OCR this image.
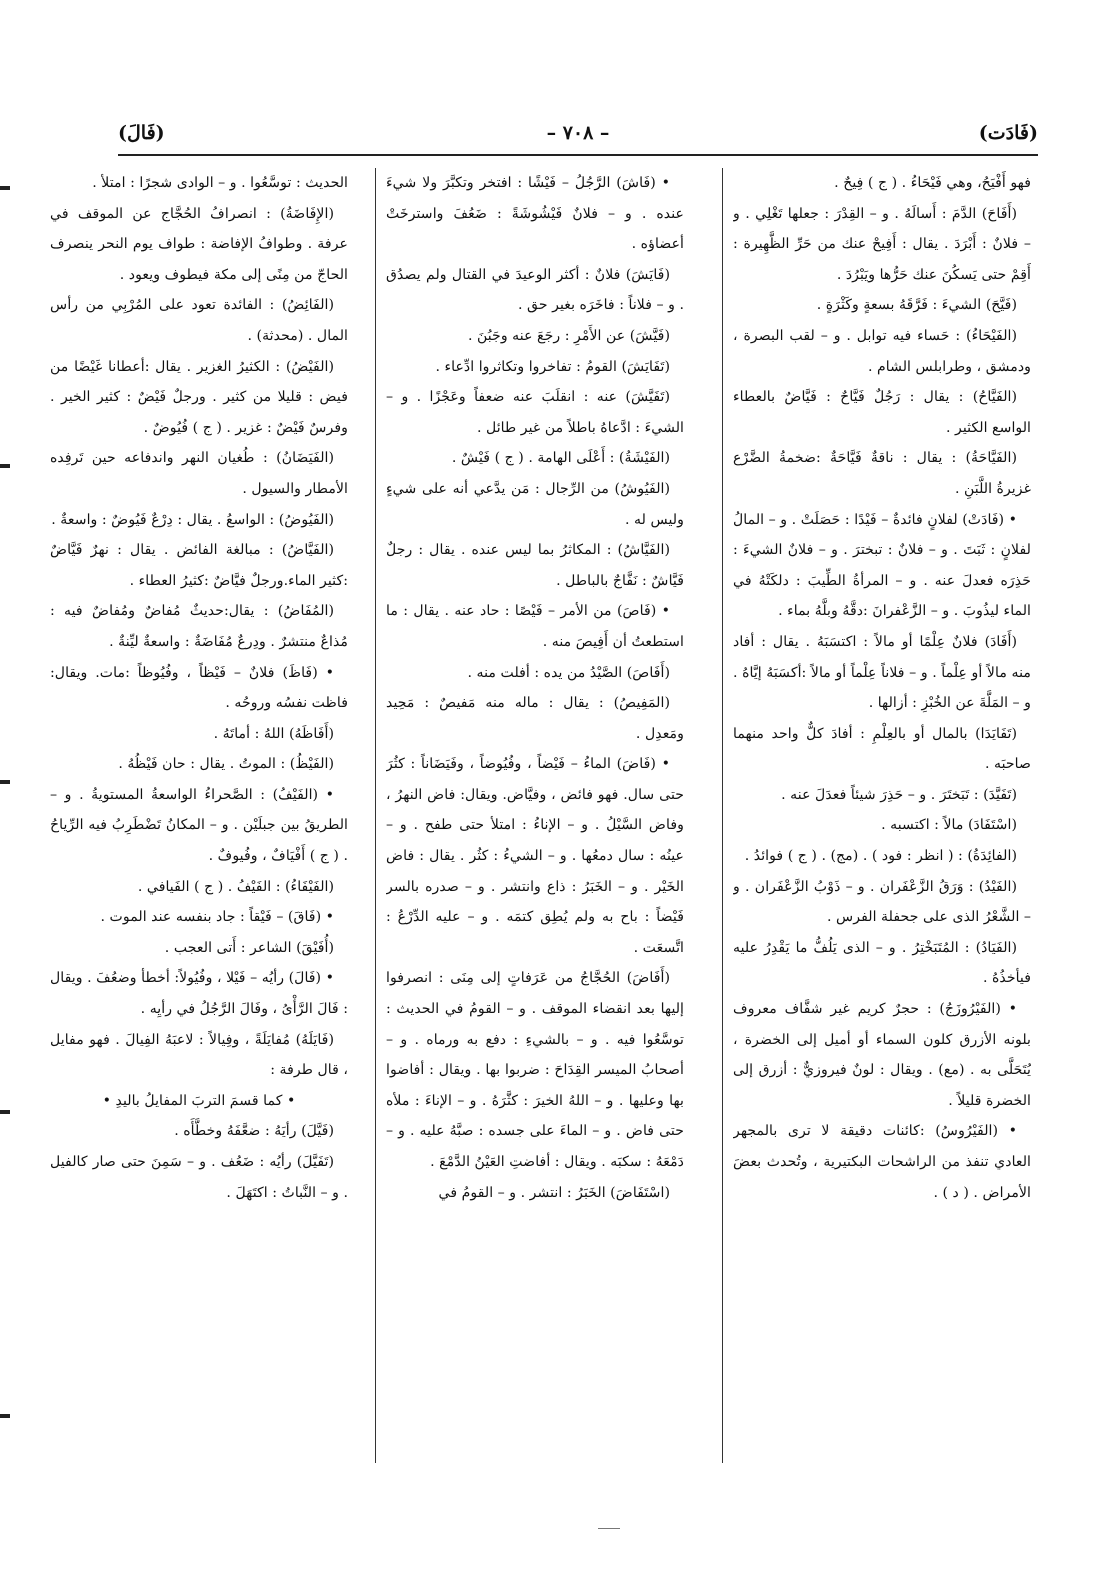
(فَادَت)
– ٧٠٨ –
(فَالَ)

فهو أَفْيَحُ، وهي فَيْحَاءُ . ( ج ) فِيحٌ .

(أَفَاحَ) الدَّمَ : أَسالَهُ . و – القِدْرَ : جعلها تَغْلِي . و – فلانٌ : أَبْرَدَ . يقال : أَفِيحْ عنك من حَرِّ الظَّهِيرة : أَقِمْ حتى يَسكُنَ عنك حَرُّها ويَبْرُدَ .

(فَيَّحَ) الشيءَ : فَرَّقَهُ بسعةٍ وكَثْرَةٍ .

(الفَيْحَاءُ) : حَساء فيه توابل . و – لقب البصرة ، ودمشق ، وطرابلس الشام .

(الفَيَّاحُ) : يقال : رَجُلٌ فَيَّاحٌ : فَيَّاضٌ بالعطاء الواسع الكثير .

(الفَيَّاحَةُ) : يقال : ناقةٌ فَيَّاحَةٌ :ضخمةُ الضَّرْع غزيرةُ اللَّبَنِ .

• (فَادَتْ) لفلانٍ فائدةٌ – فَيْدًا : حَصَلَتْ . و – المالُ لفلانٍ : ثَبَتَ . و – فلانٌ : تبخترَ . و – فلانٌ الشيءَ : حَذِرَه فعدلَ عنه . و – المرأةُ الطِّيبَ : دلكَتْهُ في الماء ليذُوبَ . و – الزَّعْفرانَ :دقَّهُ وبلَّهُ بماء .

(أَفَادَ) فلانٌ عِلْمًا أو مالاً : اكتسَبَهُ . يقال : أفاد منه مالاً أو عِلْماً . و – فلاناً عِلْماً أو مالاً :أكسَبَهُ إيَّاهُ . و – المَلَّةَ عن الخُبْزِ : أزالها .

(تَفَايَدَا) بالمال أو بالعِلْمِ : أفادَ كلٌّ واحد منهما صاحبَه .

(تَفَيَّدَ) : تَبَختَرَ . و – حَذِرَ شيئاً فعدَلَ عنه .

(اسْتَفَادَ) مالاً : اكتسبه .

(الفائِدَةُ) : ( انظر : فود ) . (مج) . ( ج ) فوائدُ .

(الفَيْدُ) : وَرَقُ الزَّعْفَران . و – ذَوْبُ الزَّعْفَران . و – الشَّعْرُ الذى على جحفلة الفرس .

(الفَيَادُ) : المُتَبَخْتِرُ . و – الذى يَلُفُّ ما يَقْدِرُ عليه فيأخذُهُ .

• (الفَيْرُوزَجُ) : حجرٌ كريم غير شفَّاف معروف بلونه الأزرق كلون السماء أو أميل إلى الخضرة ، يُتَحَلَّى به . (مع) . ويقال : لونٌ فيروزيٌّ : أزرق إلى الخضرة قليلاً .

• (الفَيْرُوسُ) :كائنات دقيقة لا ترى بالمجهر العادي تنفذ من الراشحات البكتيرية ، وتُحدث بعضَ الأمراض . ( د ) .

• (فَاشَ) الرَّجُلُ – فَيْشًا : افتخر وتكبَّرَ ولا شيءَ عنده . و – فلانٌ فَيْشُوشَةً : ضَعُفَ واسترخَتْ أعضاؤه .

(فَايَشَ) فلانٌ : أكثر الوعيدَ في القتال ولم يصدُق . و – فلاناً : فاخَرَه بغير حق .

(فَيَّشَ) عن الأَمْرِ : رجَعَ عنه وجَبُنَ .

(تَفَايَشَ) القومُ : تفاخروا وتكاثروا ادِّعاء .

(تَفَيَّشَ) عنه : انقلَبَ عنه ضعفاً وعَجْزًا . و – الشيءَ : ادَّعاهُ باطلاً من غير طائل .

(الفَيْشَةُ) : أَعْلَى الهامة . ( ج ) فَيْشٌ .

(الفَيُوشُ) من الرِّجال : مَن يدَّعي أنه على شيءٍ وليس له .

(الفَيَّاشُ) : المكاثرُ بما ليس عنده . يقال : رجلٌ فَيَّاشٌ : نَفَّاجٌ بالباطل .

• (فَاصَ) من الأمر – فَيْصًا : حاد عنه . يقال : ما استطعتُ أن أَفِيصَ منه .

(أَفَاصَ) الصَّيْدُ من يده : أفلت منه .

(المَفِيصُ) : يقال : ماله منه مَفيصٌ : مَحِيد ومَعدِل .

• (فَاضَ) الماءُ – فَيْضاً ، وفُيُوضاً ، وفَيَضَاناً : كثُرَ حتى سال. فهو فائض ، وفيَّاض. ويقال: فاض النهرُ ، وفاض السَّيْلُ . و – الإناءُ : امتلأ حتى طفح . و – عينُه : سال دمعُها . و – الشيءُ : كثُر . يقال : فاض الخَيْر . و – الخَبَرُ : ذاع وانتشر . و – صدره بالسر فَيْضاً : باح به ولم يُطِق كتمَه . و – عليه الدِّرْعُ : اتَّسعَت .

(أَفَاضَ) الحُجَّاجُ من عَرَفاتٍ إلى مِنَى : انصرفوا إليها بعد انقضاء الموقف . و – القومُ في الحديث : توسَّعُوا فيه . و – بالشيءِ : دفع به ورماه . و – أصحابُ الميسر القِدَاحَ : ضربوا بها . ويقال : أفاضوا بها وعليها . و – اللهُ الخيرَ : كثَّرَهُ . و – الإناءَ : ملأه حتى فاض . و – الماءَ على جسده : صبَّهُ عليه . و – دَمْعَهُ : سكبَه . ويقال : أفاضتِ العَيْنُ الدَّمْعَ .

(اسْتَفَاضَ) الخَبَرُ : انتشر . و – القومُ في

الحديث : توسَّعُوا . و – الوادى شجرًا : امتلأ .

(الإِفَاضَةُ) : انصرافُ الحُجَّاج عن الموقف في عرفة . وطوافُ الإفاضة : طواف يوم النحر ينصرف الحاجّ من مِنًى إلى مكة فيطوف ويعود .

(الفَائِضُ) : الفائدة تعود على المُرْبِي من رأس المال . (محدثة) .

(الفَيْضُ) : الكثيرُ الغزير . يقال :أعطانا غَيْضًا من فيض : قليلا من كثير . ورجلٌ فَيْضٌ : كثير الخير . وفرسٌ فَيْضٌ : غزير . ( ج ) فُيُوضٌ .

(الفَيَضَانُ) : طُغيان النهر واندفاعه حين تَرفِده الأمطار والسيول .

(الفَيُوضُ) : الواسعُ . يقال : دِرْعٌ فَيُوضٌ : واسعةٌ .

(الفَيَّاضُ) : مبالغة الفائض . يقال : نهرٌ فَيَّاضٌ :كثير الماء.ورجلٌ فيَّاضٌ :كثيرُ العطاء .

(المُفَاضُ) : يقال:حديثٌ مُفاضٌ ومُفاضٌ فيه : مُذاعٌ منتشرٌ . ودِرعٌ مُفَاضَةٌ : واسعةٌ ليِّنةٌ .

• (فَاظَ) فلانٌ – فَيْظاً ، وفُيُوظاً :مات. ويقال: فاظت نفسُه وروحُه .

(أَفَاظَهُ) اللهُ : أماتَهُ .

(الفَيْظُ) : الموتُ . يقال : حان فَيْظُهُ .

• (الفَيْفُ) : الصَّحراءُ الواسعةُ المستويةُ . و – الطريقُ بين جبلَيْن . و – المكانُ تَضْطَرِبُ فيه الرِّياحُ . ( ج ) أَفْيَافٌ ، وفُيوفٌ .

(الفَيْفَاءُ) : الفَيْفُ . ( ج ) الفَيافي .

• (فَاقَ) – فَيْقاً : جاد بنفسه عند الموت .

(أُفَيْقَ) الشاعر : أَتى العجب .

• (فَالَ) رأيُه – فَيْلا ، وفُيُولاً: أخطأ وضعُفَ . ويقال : فَالَ الرَّأْىُ ، وفَالَ الرَّجُلُ في رأيِه .

(فَايَلَهُ) مُفايَلَةً ، وفِيالاً : لاعبَهُ الفِيالَ . فهو مفايل ، قال طرفة :

• كما قسمَ التربَ المفايلُ باليدِ •

(فَيَّلَ) رأيَهُ : ضعَّفَهُ وخطَّأَه .

(تَفَيَّلَ) رأيُه : ضَعُف . و – سَمِنَ حتى صار كالفيل . و – النَّباتُ : اكتَهَلَ .
